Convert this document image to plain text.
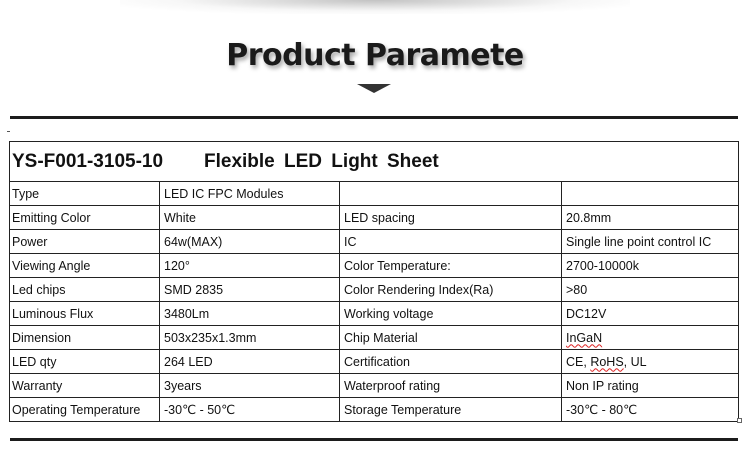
Product Paramete
YS-F001-3105-10 Flexible LED Light Sheet			
Type	LED IC FPC Modules		
Emitting Color	White	LED spacing	20.8mm
Power	64w(MAX)	IC	Single line point control IC
Viewing Angle	120°	Color Temperature:	2700-10000k
Led chips	SMD 2835	Color Rendering Index(Ra)	>80
Luminous Flux	3480Lm	Working voltage	DC12V
Dimension	503x235x1.3mm	Chip Material	InGaN
LED qty	264 LED	Certification	CE, RoHS, UL
Warranty	3years	Waterproof rating	Non IP rating
Operating Temperature	-30℃ - 50℃	Storage Temperature	-30℃ - 80℃
